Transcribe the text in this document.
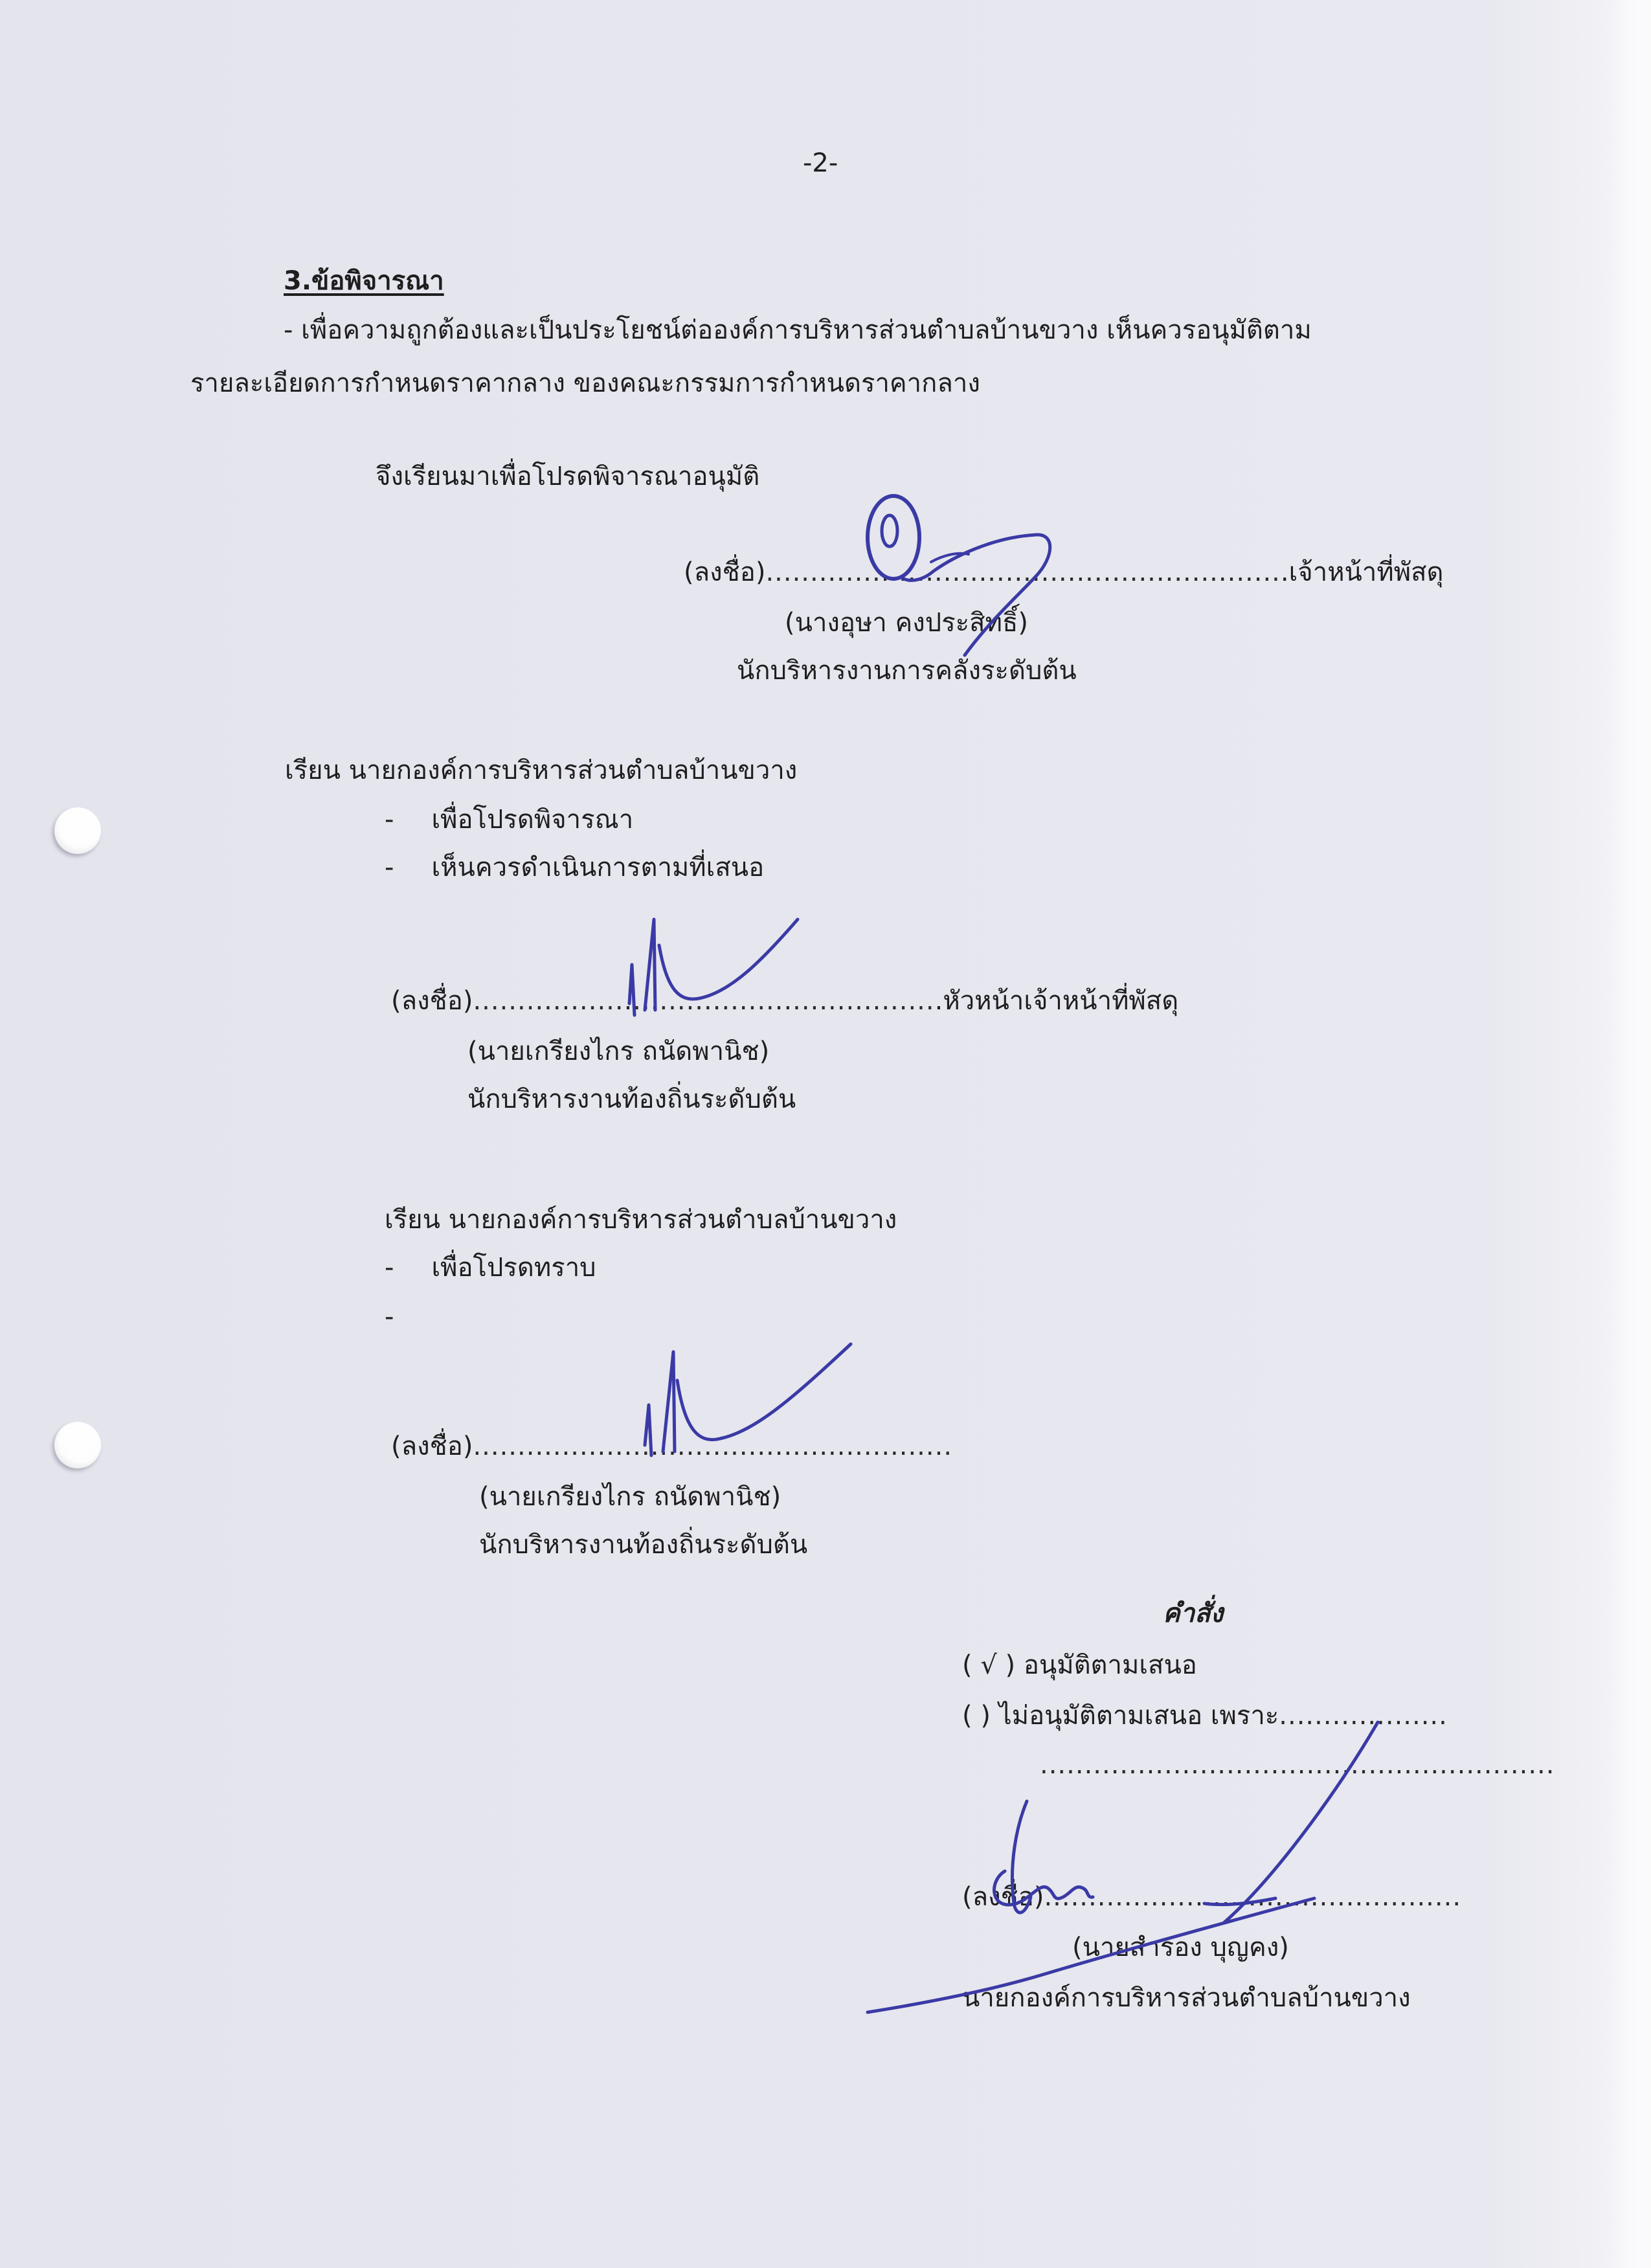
-2-
3.ข้อพิจารณา
- เพื่อความถูกต้องและเป็นประโยชน์ต่อองค์การบริหารส่วนตำบลบ้านขวาง เห็นควรอนุมัติตาม
รายละเอียดการกำหนดราคากลาง ของคณะกรรมการกำหนดราคากลาง
จึงเรียนมาเพื่อโปรดพิจารณาอนุมัติ
(ลงชื่อ)...........................................................เจ้าหน้าที่พัสดุ
(นางอุษา คงประสิทธิ์)
นักบริหารงานการคลังระดับต้น
เรียน นายกองค์การบริหารส่วนตำบลบ้านขวาง
- เพื่อโปรดพิจารณา
- เห็นควรดำเนินการตามที่เสนอ
(ลงชื่อ).....................................................หัวหน้าเจ้าหน้าที่พัสดุ
(นายเกรียงไกร ถนัดพานิช)
นักบริหารงานท้องถิ่นระดับต้น
เรียน นายกองค์การบริหารส่วนตำบลบ้านขวาง
- เพื่อโปรดทราบ
-
(ลงชื่อ)......................................................
(นายเกรียงไกร ถนัดพานิช)
นักบริหารงานท้องถิ่นระดับต้น
คำสั่ง
( √ ) อนุมัติตามเสนอ
( ) ไม่อนุมัติตามเสนอ เพราะ...................
..........................................................
(ลงชื่อ)...............................................
(นายสำรอง บุญคง)
นายกองค์การบริหารส่วนตำบลบ้านขวาง
